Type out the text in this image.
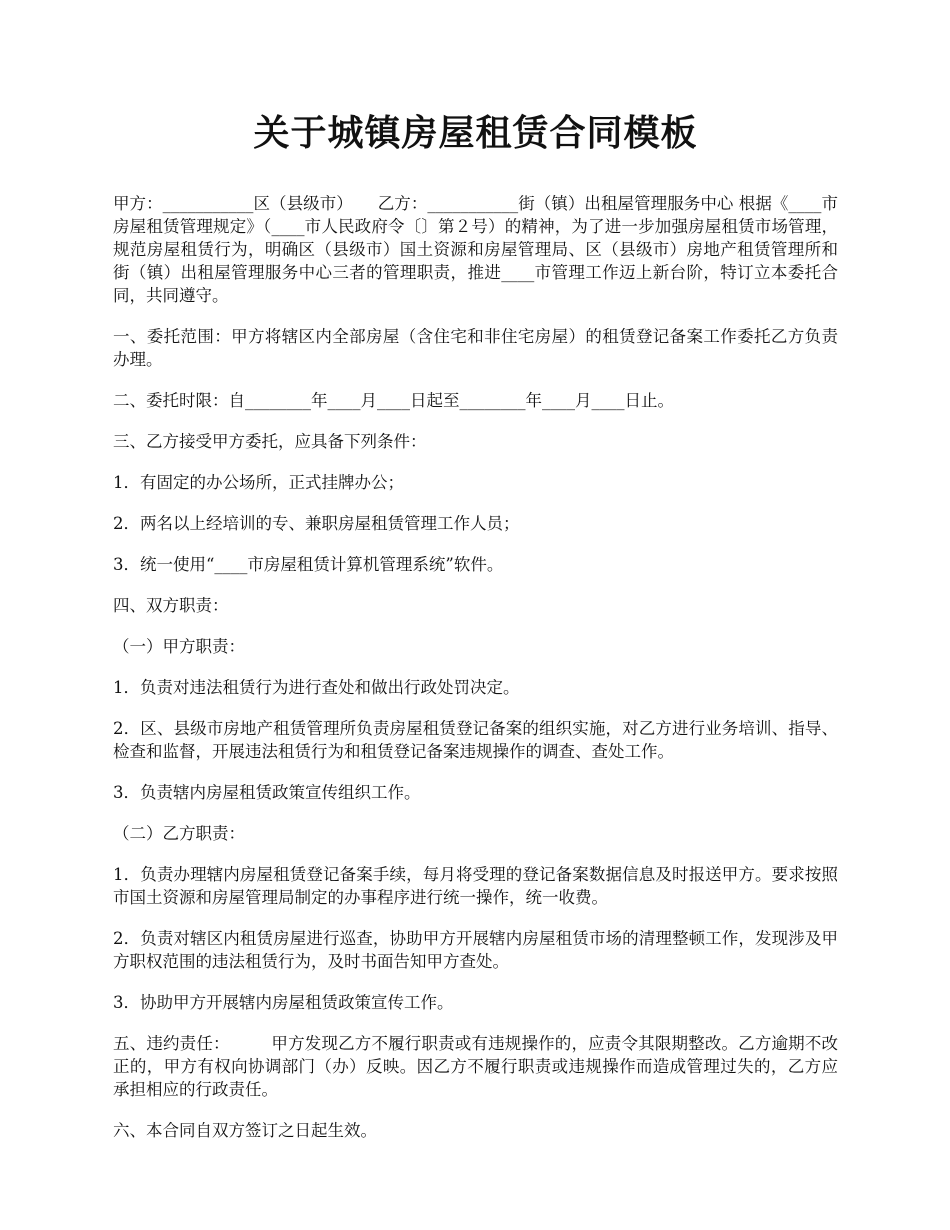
关于城镇房屋租赁合同模板

甲方：___________区（县级市）　　乙方：___________街（镇）出租屋管理服务中心 根据《____市房屋租赁管理规定》（____市人民政府令〔〕第２号）的精神，为了进一步加强房屋租赁市场管理，规范房屋租赁行为，明确区（县级市）国土资源和房屋管理局、区（县级市）房地产租赁管理所和街（镇）出租屋管理服务中心三者的管理职责，推进____市管理工作迈上新台阶，特订立本委托合同，共同遵守。

一、委托范围：甲方将辖区内全部房屋（含住宅和非住宅房屋）的租赁登记备案工作委托乙方负责办理。

二、委托时限：自________年____月____日起至________年____月____日止。

三、乙方接受甲方委托，应具备下列条件：

1．有固定的办公场所，正式挂牌办公；

2．两名以上经培训的专、兼职房屋租赁管理工作人员；

3．统一使用“____市房屋租赁计算机管理系统”软件。

四、双方职责：

（一）甲方职责：

1．负责对违法租赁行为进行查处和做出行政处罚决定。

2．区、县级市房地产租赁管理所负责房屋租赁登记备案的组织实施，对乙方进行业务培训、指导、检查和监督，开展违法租赁行为和租赁登记备案违规操作的调查、查处工作。

3．负责辖内房屋租赁政策宣传组织工作。

（二）乙方职责：

1．负责办理辖内房屋租赁登记备案手续，每月将受理的登记备案数据信息及时报送甲方。要求按照市国土资源和房屋管理局制定的办事程序进行统一操作，统一收费。

2．负责对辖区内租赁房屋进行巡查，协助甲方开展辖内房屋租赁市场的清理整顿工作，发现涉及甲方职权范围的违法租赁行为，及时书面告知甲方查处。

3．协助甲方开展辖内房屋租赁政策宣传工作。

五、违约责任：　　　甲方发现乙方不履行职责或有违规操作的，应责令其限期整改。乙方逾期不改正的，甲方有权向协调部门（办）反映。因乙方不履行职责或违规操作而造成管理过失的，乙方应承担相应的行政责任。

六、本合同自双方签订之日起生效。
